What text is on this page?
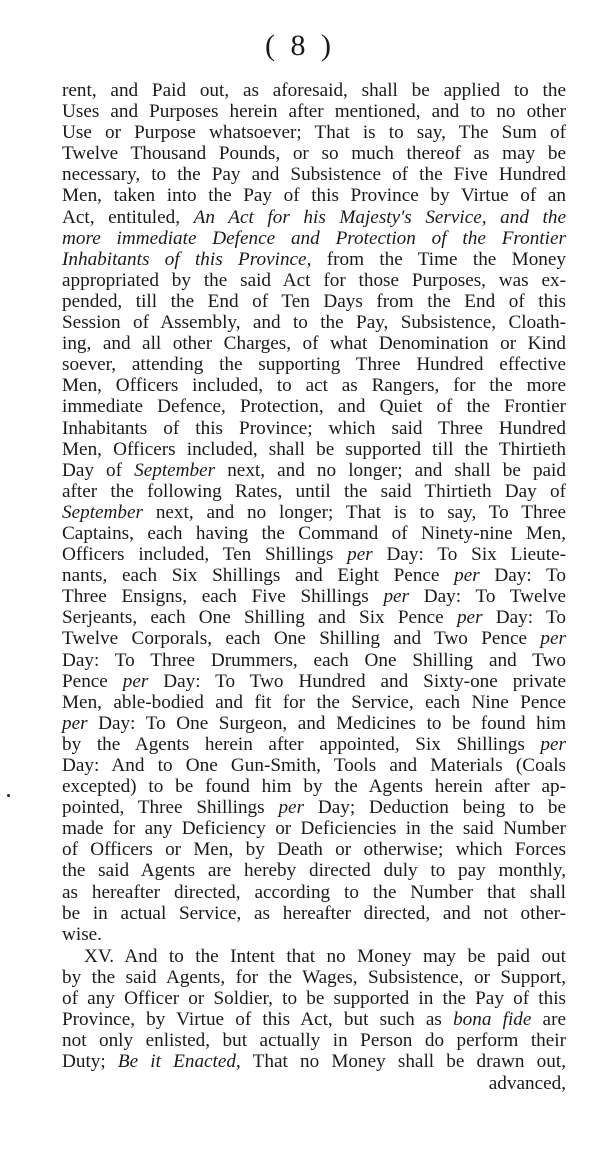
( 8 )
rent, and Paid out, as aforesaid, shall be applied to the
Uses and Purposes herein after mentioned, and to no other
Use or Purpose whatsoever; That is to say, The Sum of
Twelve Thousand Pounds, or so much thereof as may be
necessary, to the Pay and Subsistence of the Five Hundred
Men, taken into the Pay of this Province by Virtue of an
Act, entituled, An Act for his Majesty's Service, and the
more immediate Defence and Protection of the Frontier
Inhabitants of this Province, from the Time the Money
appropriated by the said Act for those Purposes, was ex-
pended, till the End of Ten Days from the End of this
Session of Assembly, and to the Pay, Subsistence, Cloath-
ing, and all other Charges, of what Denomination or Kind
soever, attending the supporting Three Hundred effective
Men, Officers included, to act as Rangers, for the more
immediate Defence, Protection, and Quiet of the Frontier
Inhabitants of this Province; which said Three Hundred
Men, Officers included, shall be supported till the Thirtieth
Day of September next, and no longer; and shall be paid
after the following Rates, until the said Thirtieth Day of
September next, and no longer; That is to say, To Three
Captains, each having the Command of Ninety-nine Men,
Officers included, Ten Shillings per Day: To Six Lieute-
nants, each Six Shillings and Eight Pence per Day: To
Three Ensigns, each Five Shillings per Day: To Twelve
Serjeants, each One Shilling and Six Pence per Day: To
Twelve Corporals, each One Shilling and Two Pence per
Day: To Three Drummers, each One Shilling and Two
Pence per Day: To Two Hundred and Sixty-one private
Men, able-bodied and fit for the Service, each Nine Pence
per Day: To One Surgeon, and Medicines to be found him
by the Agents herein after appointed, Six Shillings per
Day: And to One Gun-Smith, Tools and Materials (Coals
excepted) to be found him by the Agents herein after ap-
pointed, Three Shillings per Day; Deduction being to be
made for any Deficiency or Deficiencies in the said Number
of Officers or Men, by Death or otherwise; which Forces
the said Agents are hereby directed duly to pay monthly,
as hereafter directed, according to the Number that shall
be in actual Service, as hereafter directed, and not other-
wise.
XV. And to the Intent that no Money may be paid out
by the said Agents, for the Wages, Subsistence, or Support,
of any Officer or Soldier, to be supported in the Pay of this
Province, by Virtue of this Act, but such as bona fide are
not only enlisted, but actually in Person do perform their
Duty; Be it Enacted, That no Money shall be drawn out,
advanced,
